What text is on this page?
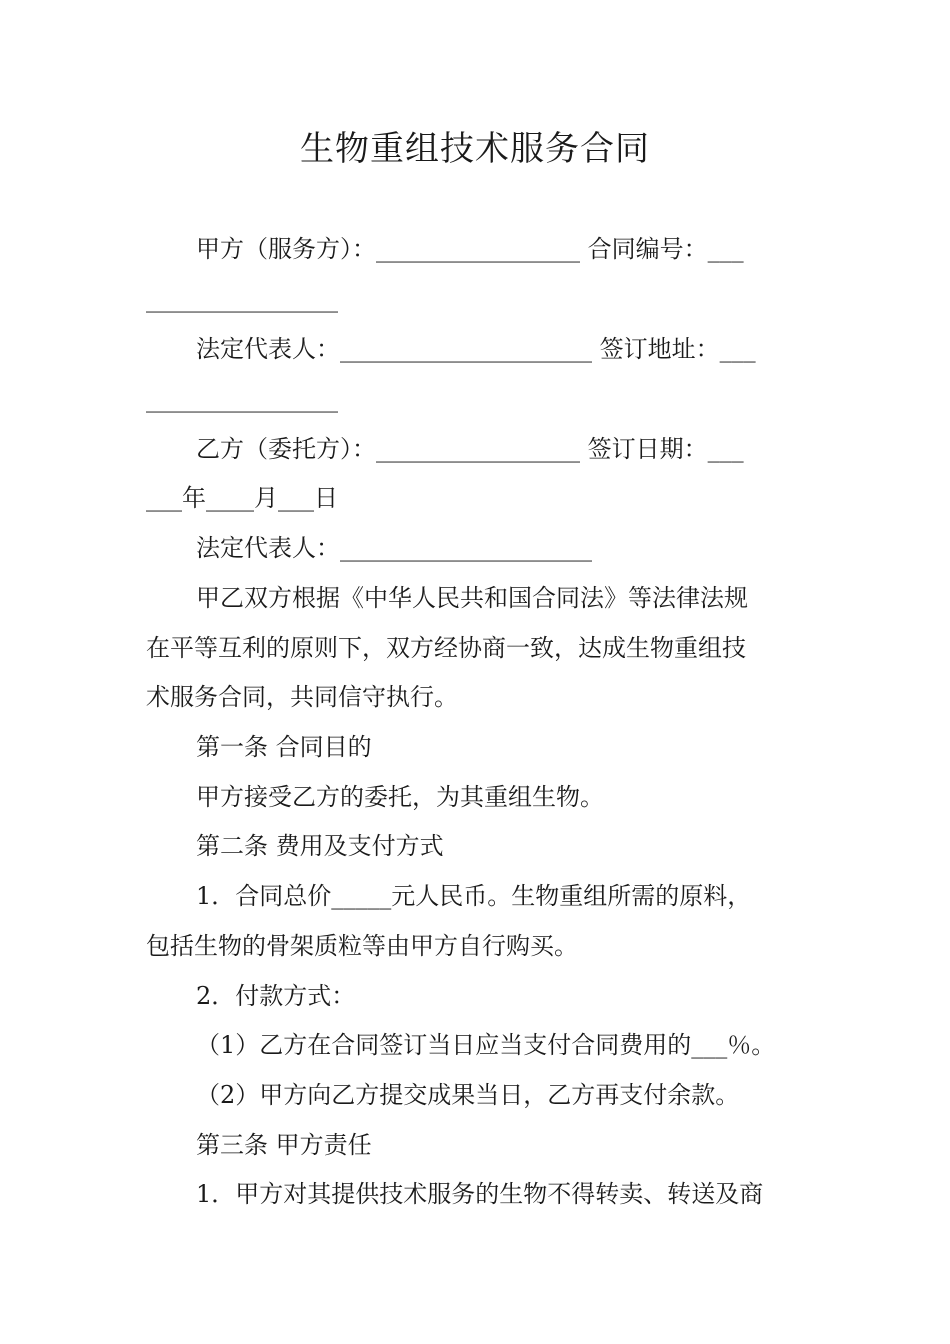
生物重组技术服务合同
甲方（服务方）：_________________ 合同编号：___
________________
法定代表人：_____________________ 签订地址：___
________________
乙方（委托方）：_________________ 签订日期：___
___年____月___日
法定代表人：_____________________
甲乙双方根据《中华人民共和国合同法》等法律法规
在平等互利的原则下，双方经协商一致，达成生物重组技
术服务合同，共同信守执行。
第一条 合同目的
甲方接受乙方的委托，为其重组生物。
第二条 费用及支付方式
1．合同总价_____元人民币。生物重组所需的原料，
包括生物的骨架质粒等由甲方自行购买。
2．付款方式：
（1）乙方在合同签订当日应当支付合同费用的___％。
（2）甲方向乙方提交成果当日，乙方再支付余款。
第三条 甲方责任
1．甲方对其提供技术服务的生物不得转卖、转送及商
